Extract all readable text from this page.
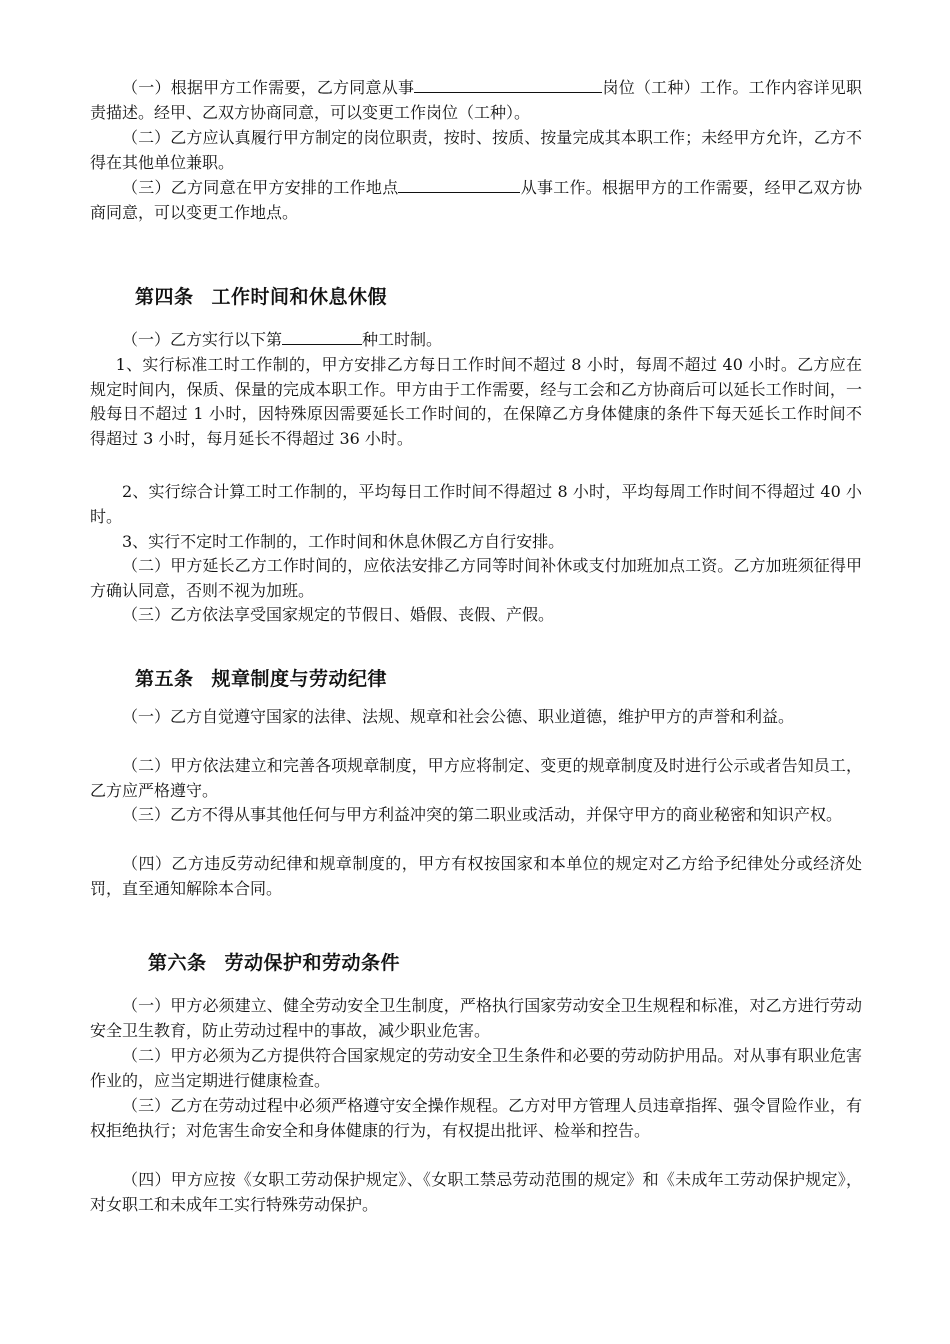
（一）根据甲方工作需要，乙方同意从事	岗位（工种）工作。工作内容详见职责描述。经甲、乙双方协商同意，可以变更工作岗位（工种）。

（二）乙方应认真履行甲方制定的岗位职责，按时、按质、按量完成其本职工作；未经甲方允许，乙方不得在其他单位兼职。

（三）乙方同意在甲方安排的工作地点	从事工作。根据甲方的工作需要，经甲乙双方协商同意，可以变更工作地点。

第四条 工作时间和休息休假

（一）乙方实行以下第	种工时制。

1、实行标准工时工作制的，甲方安排乙方每日工作时间不超过 8 小时，每周不超过 40 小时。乙方应在规定时间内，保质、保量的完成本职工作。甲方由于工作需要，经与工会和乙方协商后可以延长工作时间，一般每日不超过 1 小时，因特殊原因需要延长工作时间的，在保障乙方身体健康的条件下每天延长工作时间不得超过 3 小时，每月延长不得超过 36 小时。

2、实行综合计算工时工作制的，平均每日工作时间不得超过 8 小时，平均每周工作时间不得超过 40 小时。

3、实行不定时工作制的，工作时间和休息休假乙方自行安排。

（二）甲方延长乙方工作时间的，应依法安排乙方同等时间补休或支付加班加点工资。乙方加班须征得甲方确认同意，否则不视为加班。

（三）乙方依法享受国家规定的节假日、婚假、丧假、产假。

第五条 规章制度与劳动纪律

（一）乙方自觉遵守国家的法律、法规、规章和社会公德、职业道德，维护甲方的声誉和利益。

（二）甲方依法建立和完善各项规章制度，甲方应将制定、变更的规章制度及时进行公示或者告知员工，乙方应严格遵守。

（三）乙方不得从事其他任何与甲方利益冲突的第二职业或活动，并保守甲方的商业秘密和知识产权。

（四）乙方违反劳动纪律和规章制度的，甲方有权按国家和本单位的规定对乙方给予纪律处分或经济处罚，直至通知解除本合同。

第六条 劳动保护和劳动条件

（一）甲方必须建立、健全劳动安全卫生制度，严格执行国家劳动安全卫生规程和标准，对乙方进行劳动安全卫生教育，防止劳动过程中的事故，减少职业危害。

（二）甲方必须为乙方提供符合国家规定的劳动安全卫生条件和必要的劳动防护用品。对从事有职业危害作业的，应当定期进行健康检查。

（三）乙方在劳动过程中必须严格遵守安全操作规程。乙方对甲方管理人员违章指挥、强令冒险作业，有权拒绝执行；对危害生命安全和身体健康的行为，有权提出批评、检举和控告。

（四）甲方应按《女职工劳动保护规定》、《女职工禁忌劳动范围的规定》和《未成年工劳动保护规定》，对女职工和未成年工实行特殊劳动保护。
